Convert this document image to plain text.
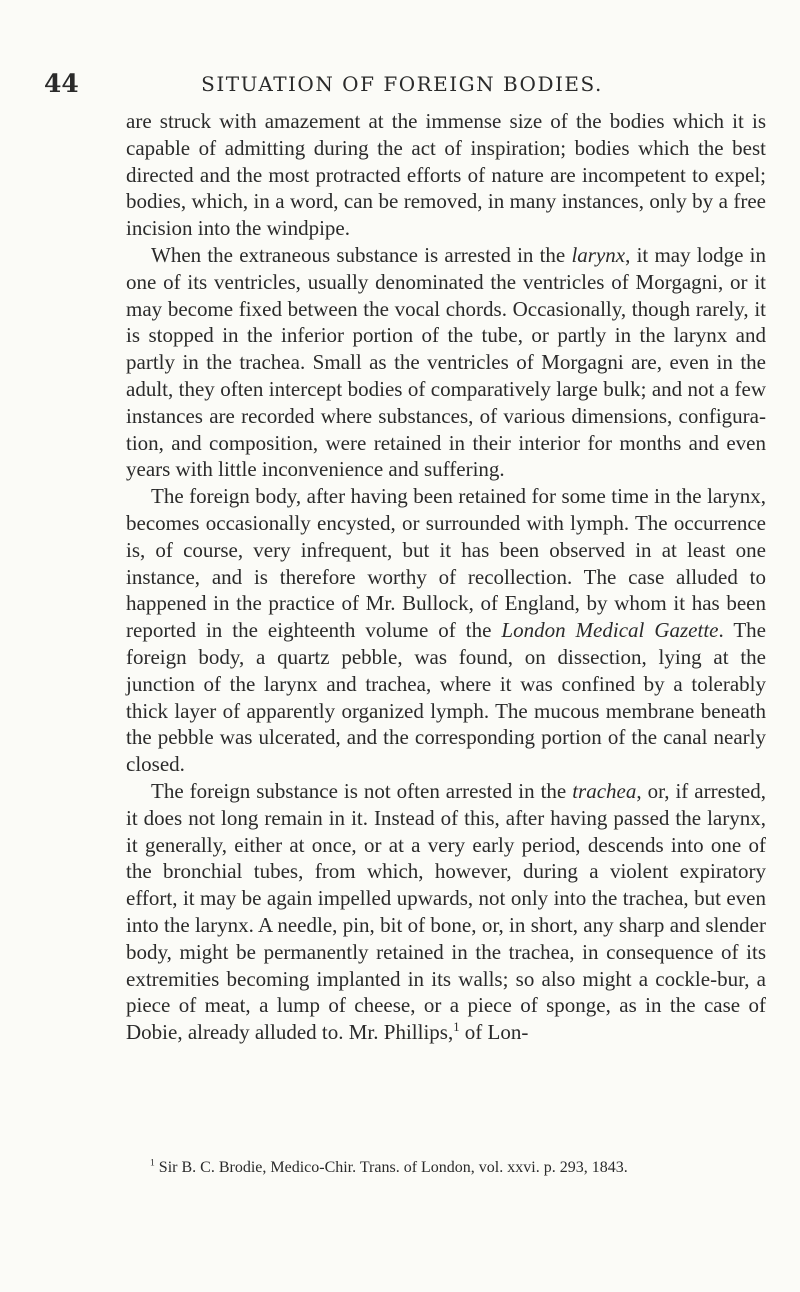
44	SITUATION OF FOREIGN BODIES.

are struck with amazement at the immense size of the bodies which it is capable of admitting during the act of inspiration; bodies which the best directed and the most protracted efforts of nature are incompetent to expel; bodies, which, in a word, can be removed, in many instances, only by a free incision into the windpipe.

When the extraneous substance is arrested in the larynx, it may lodge in one of its ventricles, usually denominated the ventricles of Morgagni, or it may become fixed between the vocal chords. Occasionally, though rarely, it is stopped in the inferior portion of the tube, or partly in the larynx and partly in the trachea. Small as the ventricles of Morgagni are, even in the adult, they often intercept bodies of comparatively large bulk; and not a few instances are recorded where substances, of various dimensions, configuration, and composition, were retained in their interior for months and even years with little inconvenience and suffering.

The foreign body, after having been retained for some time in the larynx, becomes occasionally encysted, or surrounded with lymph. The occurrence is, of course, very infrequent, but it has been observed in at least one instance, and is therefore worthy of recollection. The case alluded to happened in the practice of Mr. Bullock, of England, by whom it has been reported in the eighteenth volume of the London Medical Gazette. The foreign body, a quartz pebble, was found, on dissection, lying at the junction of the larynx and trachea, where it was confined by a tolerably thick layer of apparently organized lymph. The mucous membrane beneath the pebble was ulcerated, and the corresponding portion of the canal nearly closed.

The foreign substance is not often arrested in the trachea, or, if arrested, it does not long remain in it. Instead of this, after having passed the larynx, it generally, either at once, or at a very early period, descends into one of the bronchial tubes, from which, however, during a violent expiratory effort, it may be again impelled upwards, not only into the trachea, but even into the larynx. A needle, pin, bit of bone, or, in short, any sharp and slender body, might be permanently retained in the trachea, in consequence of its extremities becoming implanted in its walls; so also might a cockle-bur, a piece of meat, a lump of cheese, or a piece of sponge, as in the case of Dobie, already alluded to. Mr. Phillips,$^1$ of Lon-

$^1$ Sir B. C. Brodie, Medico-Chir. Trans. of London, vol. xxvi. p. 293, 1843.
